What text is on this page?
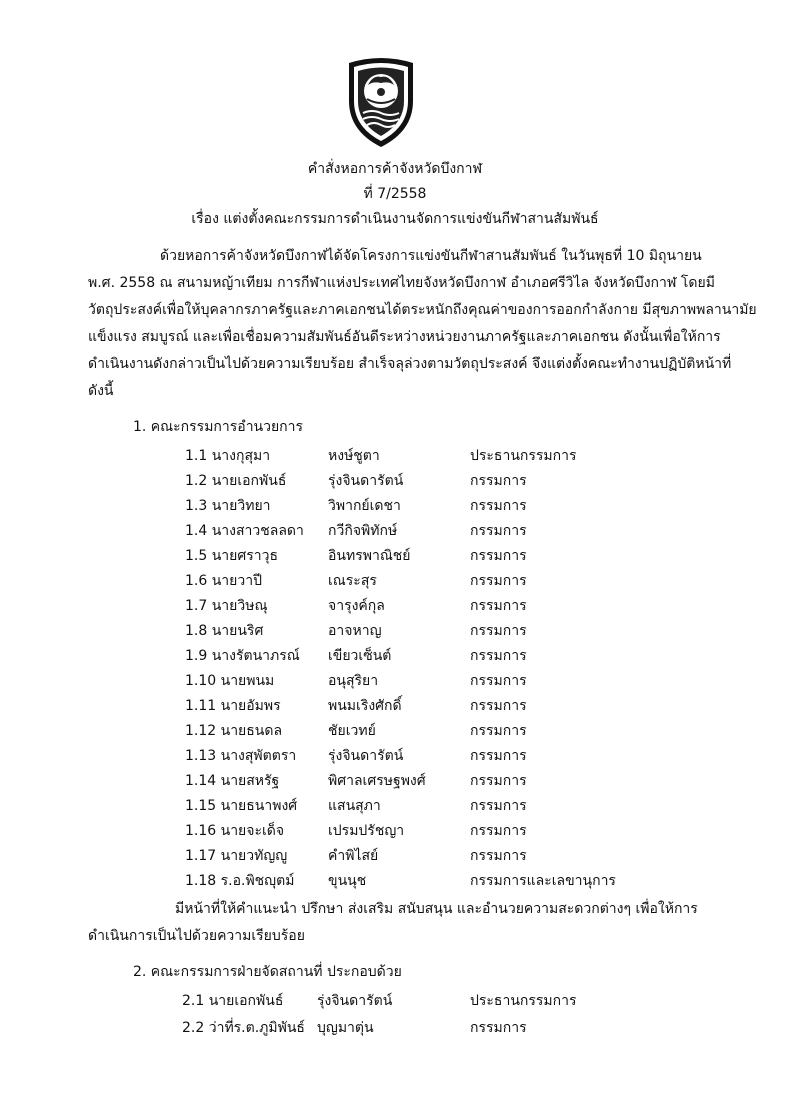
คำสั่งหอการค้าจังหวัดบึงกาฬ
ที่ 7/2558
เรื่อง แต่งตั้งคณะกรรมการดำเนินงานจัดการแข่งขันกีฬาสานสัมพันธ์
ด้วยหอการค้าจังหวัดบึงกาฬได้จัดโครงการแข่งขันกีฬาสานสัมพันธ์ ในวันพุธที่ 10 มิถุนายน
พ.ศ. 2558 ณ สนามหญ้าเทียม การกีฬาแห่งประเทศไทยจังหวัดบึงกาฬ อำเภอศรีวิไล จังหวัดบึงกาฬ โดยมี
วัตถุประสงค์เพื่อให้บุคลากรภาครัฐและภาคเอกชนได้ตระหนักถึงคุณค่าของการออกกำลังกาย มีสุขภาพพลานามัย
แข็งแรง สมบูรณ์ และเพื่อเชื่อมความสัมพันธ์อันดีระหว่างหน่วยงานภาครัฐและภาคเอกชน ดังนั้นเพื่อให้การ
ดำเนินงานดังกล่าวเป็นไปด้วยความเรียบร้อย สำเร็จลุล่วงตามวัตถุประสงค์ จึงแต่งตั้งคณะทำงานปฏิบัติหน้าที่
ดังนี้
1. คณะกรรมการอำนวยการ
1.1 นางกุสุมา	หงษ์ชูตา	ประธานกรรมการ
1.2 นายเอกพันธ์	รุ่งจินดารัตน์	กรรมการ
1.3 นายวิทยา	วิพากย์เดชา	กรรมการ
1.4 นางสาวชลลดา กวีกิจพิทักษ์	กรรมการ
1.5 นายศราวุธ	อินทรพาณิชย์	กรรมการ
1.6 นายวาปี	เณระสุร	กรรมการ
1.7 นายวิษณุ	จารุงค์กุล	กรรมการ
1.8 นายนริศ	อาจหาญ	กรรมการ
1.9 นางรัตนาภรณ์ เขียวเซ็นต์	กรรมการ
1.10 นายพนม	อนุสุริยา	กรรมการ
1.11 นายอัมพร	พนมเริงศักดิ์	กรรมการ
1.12 นายธนดล	ชัยเวทย์	กรรมการ
1.13 นางสุพัตตรา รุ่งจินดารัตน์	กรรมการ
1.14 นายสหรัฐ	พิศาลเศรษฐพงศ์	กรรมการ
1.15 นายธนาพงศ์ แสนสุภา	กรรมการ
1.16 นายจะเด็จ	เปรมปรัชญา	กรรมการ
1.17 นายวทัญญู	คำพิไสย์	กรรมการ
1.18 ร.อ.พิชญุตม์ ขุนนุช	กรรมการและเลขานุการ
มีหน้าที่ให้คำแนะนำ ปรึกษา ส่งเสริม สนับสนุน และอำนวยความสะดวกต่างๆ เพื่อให้การ
ดำเนินการเป็นไปด้วยความเรียบร้อย
2. คณะกรรมการฝ่ายจัดสถานที่ ประกอบด้วย
2.1 นายเอกพันธ์ รุ่งจินดารัตน์	ประธานกรรมการ
2.2 ว่าที่ร.ต.ภูมิพันธ์ บุญมาตุ่น	กรรมการ
